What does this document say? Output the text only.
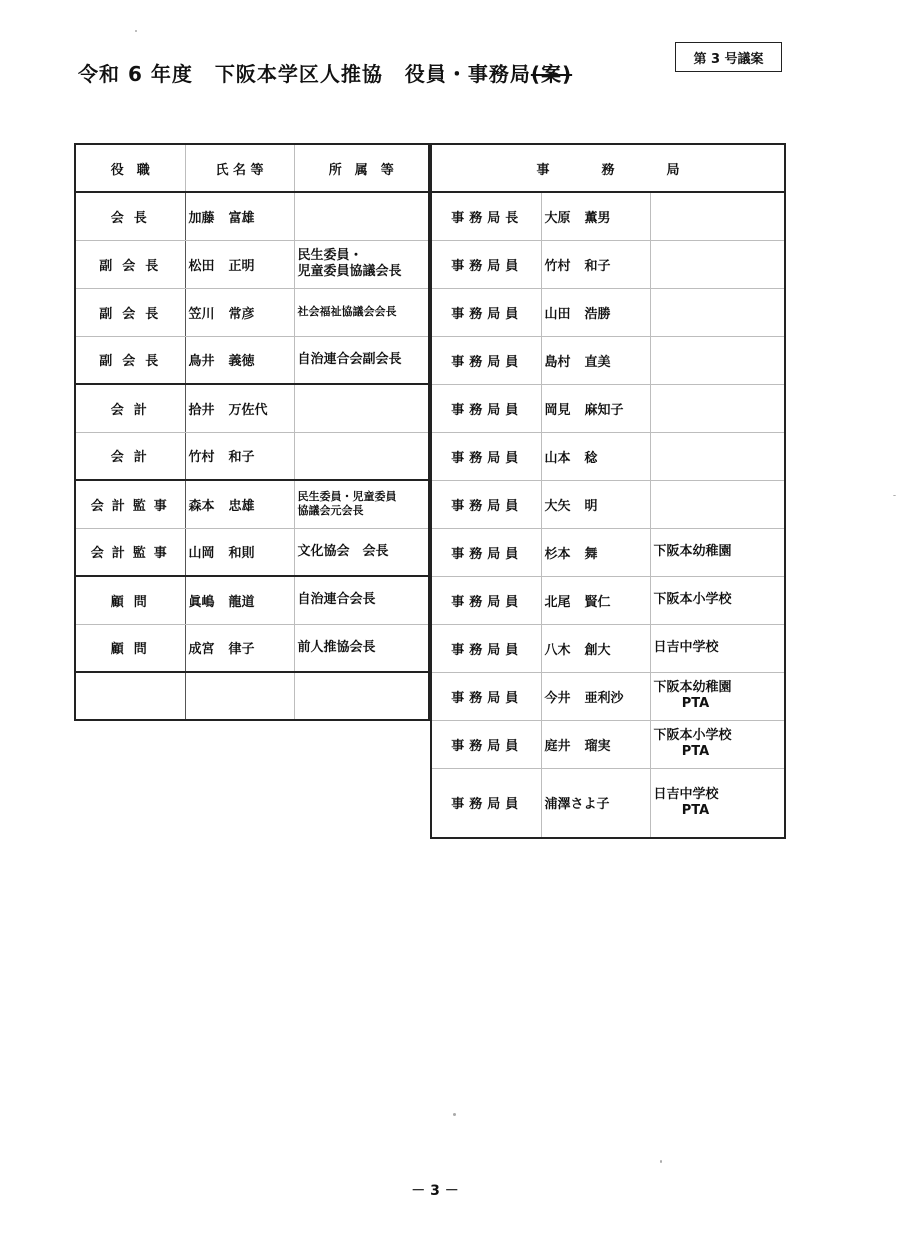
令和 6 年度 下阪本学区人推協 役員・事務局(案)
第 3 号議案
役　職	氏 名 等	所　属　等
会長	加藤 富雄	
副会長	松田 正明	民生委員・
児童委員協議会長
副会長	笠川 常彦	社会福祉協議会会長
副会長	鳥井 義徳	自治連合会副会長
会計	拾井 万佐代	
会計	竹村 和子	
会計監事	森本 忠雄	民生委員・児童委員
協議会元会長
会計監事	山岡 和則	文化協会　会長
顧問	眞嶋 龍道	自治連合会長
顧問	成宮 律子	前人推協会長

事　　　　務　　　　局		
事務局長	大原 薫男	
事務局員	竹村 和子	
事務局員	山田 浩勝	
事務局員	島村 直美	
事務局員	岡見 麻知子	
事務局員	山本 稔	
事務局員	大矢 明	
事務局員	杉本 舞	下阪本幼稚園
事務局員	北尾 賢仁	下阪本小学校
事務局員	八木 創大	日吉中学校
事務局員	今井 亜利沙	下阪本幼稚園
PTA

事務局員	庭井 瑠実	下阪本小学校
PTA

事務局員	浦澤さよ子	日吉中学校
PTA
－ 3 －
